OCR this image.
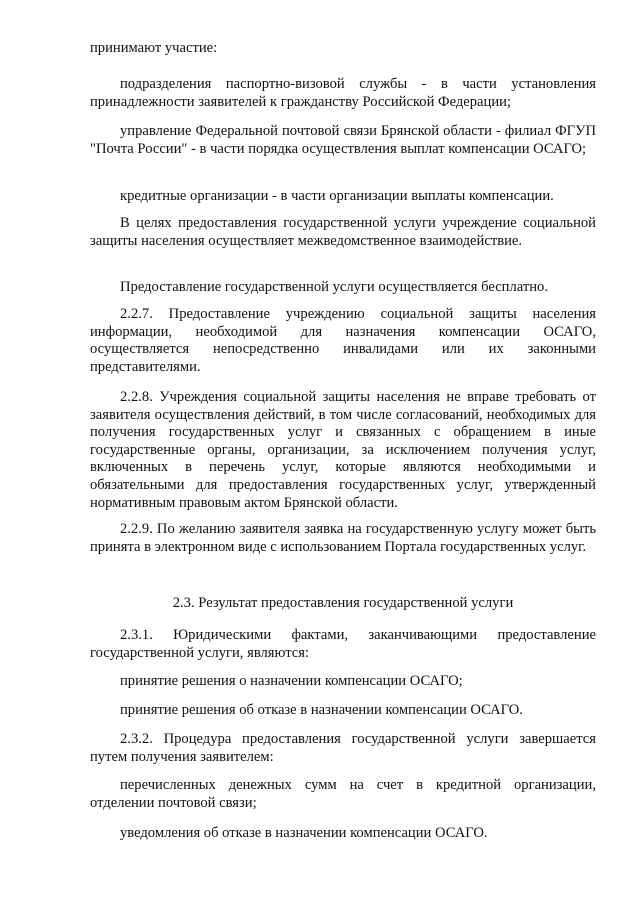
принимают участие:

подразделения паспортно-визовой службы - в части установления принадлежности заявителей к гражданству Российской Федерации;

управление Федеральной почтовой связи Брянской области - филиал ФГУП "Почта России" - в части порядка осуществления выплат компенсации ОСАГО;

кредитные организации - в части организации выплаты компенсации.

В целях предоставления государственной услуги учреждение социальной защиты населения осуществляет межведомственное взаимодействие.

Предоставление государственной услуги осуществляется бесплатно.

2.2.7. Предоставление учреждению социальной защиты населения информации, необходимой для назначения компенсации ОСАГО, осуществляется непосредственно инвалидами или их законными представителями.

2.2.8. Учреждения социальной защиты населения не вправе требовать от заявителя осуществления действий, в том числе согласований, необходимых для получения государственных услуг и связанных с обращением в иные государственные органы, организации, за исключением получения услуг, включенных в перечень услуг, которые являются необходимыми и обязательными для предоставления государственных услуг, утвержденный нормативным правовым актом Брянской области.

2.2.9. По желанию заявителя заявка на государственную услугу может быть принята в электронном виде с использованием Портала государственных услуг.

2.3. Результат предоставления государственной услуги

2.3.1. Юридическими фактами, заканчивающими предоставление государственной услуги, являются:

принятие решения о назначении компенсации ОСАГО;

принятие решения об отказе в назначении компенсации ОСАГО.

2.3.2. Процедура предоставления государственной услуги завершается путем получения заявителем:

перечисленных денежных сумм на счет в кредитной организации, отделении почтовой связи;

уведомления об отказе в назначении компенсации ОСАГО.
